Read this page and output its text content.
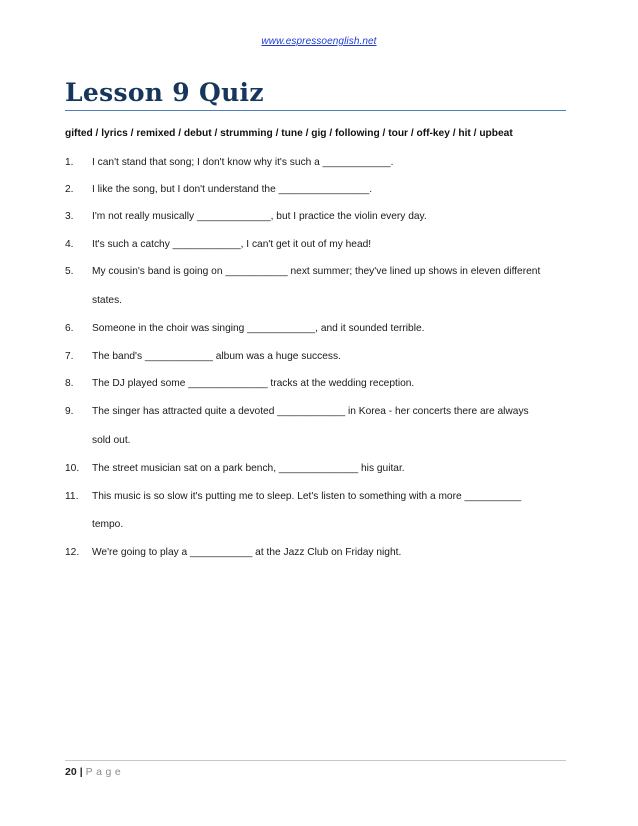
www.espressoenglish.net
Lesson 9 Quiz
gifted / lyrics / remixed / debut / strumming / tune / gig / following / tour / off-key / hit / upbeat
1.	I can't stand that song; I don't know why it's such a ____________.
2.	I like the song, but I don't understand the ________________.
3.	I'm not really musically _____________, but I practice the violin every day.
4.	It's such a catchy ____________, I can't get it out of my head!
5.	My cousin's band is going on ___________ next summer; they've lined up shows in eleven different
states.
6.	Someone in the choir was singing ____________, and it sounded terrible.
7.	The band's ____________ album was a huge success.
8.	The DJ played some ______________ tracks at the wedding reception.
9.	The singer has attracted quite a devoted ____________ in Korea - her concerts there are always
sold out.
10.	The street musician sat on a park bench, ______________ his guitar.
11.	This music is so slow it's putting me to sleep. Let's listen to something with a more __________
tempo.
12.	We're going to play a ___________ at the Jazz Club on Friday night.
20 | Page
